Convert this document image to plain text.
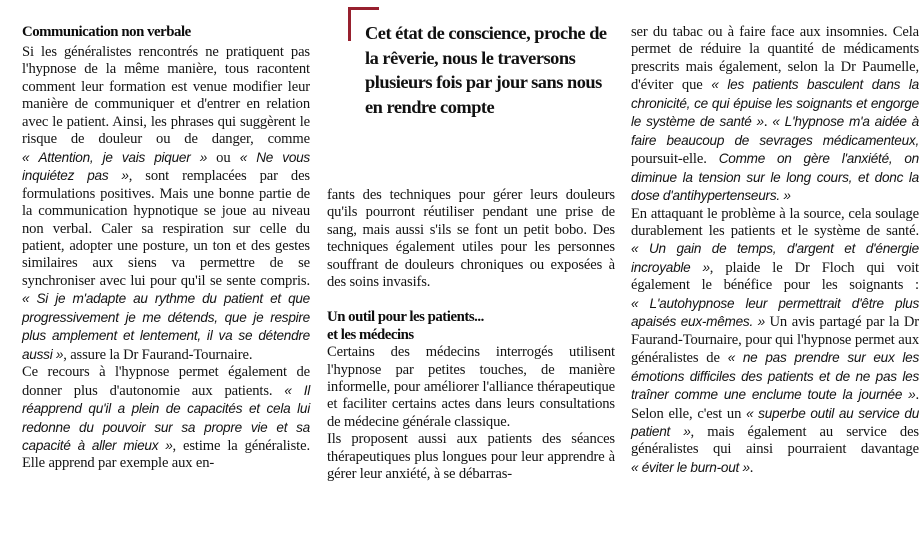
Communication non verbale

Si les généralistes rencontrés ne pratiquent pas l'hypnose de la même manière, tous racontent comment leur formation est venue modifier leur manière de communiquer et d'entrer en relation avec le patient. Ainsi, les phrases qui suggèrent le risque de douleur ou de danger, comme « Attention, je vais piquer » ou « Ne vous inquiétez pas », sont remplacées par des formulations positives. Mais une bonne partie de la communication hypnotique se joue au niveau non verbal. Caler sa respiration sur celle du patient, adopter une posture, un ton et des gestes similaires aux siens va permettre de se synchroniser avec lui pour qu'il se sente compris. « Si je m'adapte au rythme du patient et que progressivement je me détends, que je respire plus amplement et lentement, il va se détendre aussi », assure la Dr Faurand-Tournaire.

Ce recours à l'hypnose permet également de donner plus d'autonomie aux patients. « Il réapprend qu'il a plein de capacités et cela lui redonne du pouvoir sur sa propre vie et sa capacité à aller mieux », estime la généraliste. Elle apprend par exemple aux en-

Cet état de conscience, proche de la rêverie, nous le traversons plusieurs fois par jour sans nous en rendre compte

fants des techniques pour gérer leurs douleurs qu'ils pourront réutiliser pendant une prise de sang, mais aussi s'ils se font un petit bobo. Des techniques également utiles pour les personnes souffrant de douleurs chroniques ou exposées à des soins invasifs.

Un outil pour les patients...
et les médecins

Certains des médecins interrogés utilisent l'hypnose par petites touches, de manière informelle, pour améliorer l'alliance thérapeutique et faciliter certains actes dans leurs consultations de médecine générale classique.

Ils proposent aussi aux patients des séances thérapeutiques plus longues pour leur apprendre à gérer leur anxiété, à se débarras-

ser du tabac ou à faire face aux insomnies. Cela permet de réduire la quantité de médicaments prescrits mais également, selon la Dr Paumelle, d'éviter que « les patients basculent dans la chronicité, ce qui épuise les soignants et engorge le système de santé ». « L'hypnose m'a aidée à faire beaucoup de sevrages médicamenteux, poursuit-elle. Comme on gère l'anxiété, on diminue la tension sur le long cours, et donc la dose d'antihypertenseurs. »

En attaquant le problème à la source, cela soulage durablement les patients et le système de santé. « Un gain de temps, d'argent et d'énergie incroyable », plaide le Dr Floch qui voit également le bénéfice pour les soignants : « L'autohypnose leur permettrait d'être plus apaisés eux-mêmes. » Un avis partagé par la Dr Faurand-Tournaire, pour qui l'hypnose permet aux généralistes de « ne pas prendre sur eux les émotions difficiles des patients et de ne pas les traîner comme une enclume toute la journée ». Selon elle, c'est un « superbe outil au service du patient », mais également au service des généralistes qui ainsi pourraient davantage « éviter le burn-out ».
